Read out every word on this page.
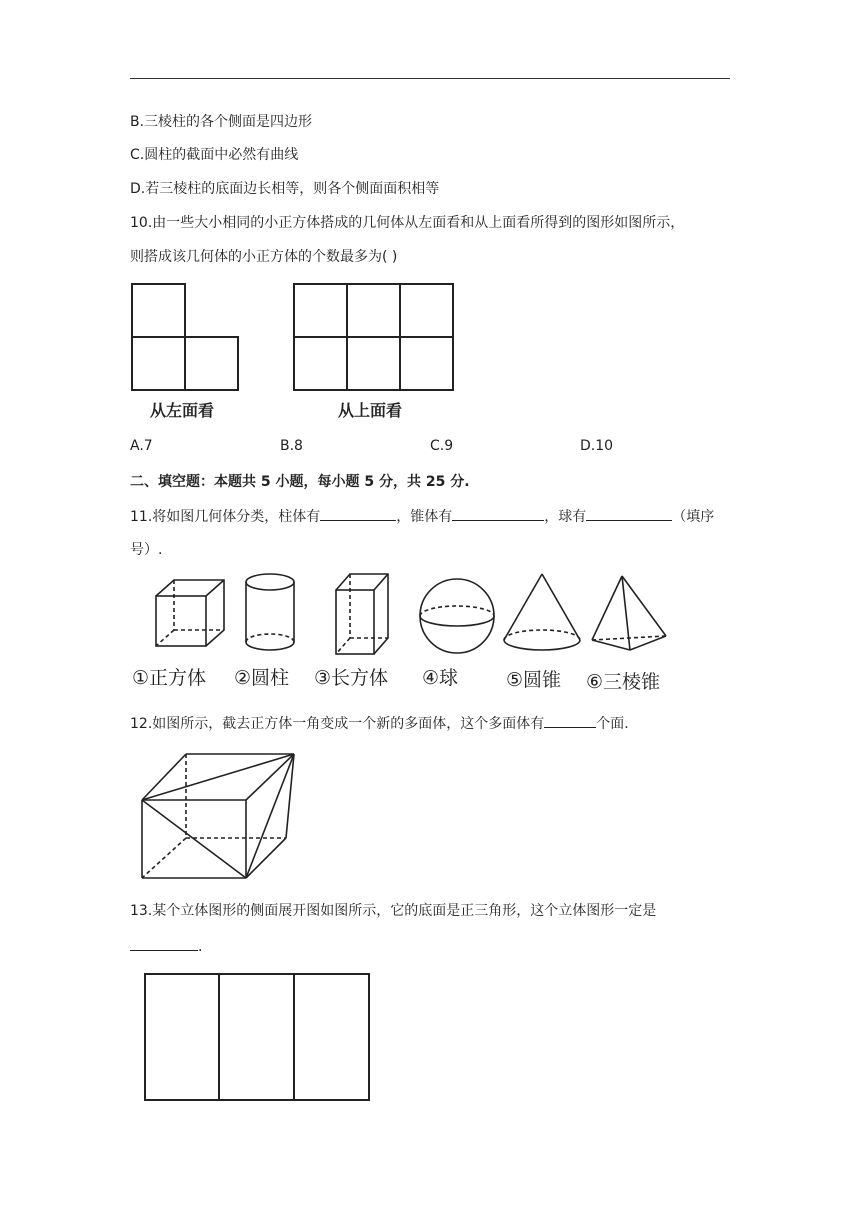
B.三棱柱的各个侧面是四边形
C.圆柱的截面中必然有曲线
D.若三棱柱的底面边长相等，则各个侧面面积相等
10.由一些大小相同的小正方体搭成的几何体从左面看和从上面看所得到的图形如图所示，
则搭成该几何体的小正方体的个数最多为( )
从左面看	从上面看
A.7	B.8	C.9	D.10
二、填空题：本题共 5 小题，每小题 5 分，共 25 分.
11.将如图几何体分类，柱体有	，锥体有	，球有	（填序
号）.
①正方体 ②圆柱 ③长方体 ④球	⑤圆锥 ⑥三棱锥
12.如图所示，截去正方体一角变成一个新的多面体，这个多面体有	个面.
13.某个立体图形的侧面展开图如图所示，它的底面是正三角形，这个立体图形一定是
.
